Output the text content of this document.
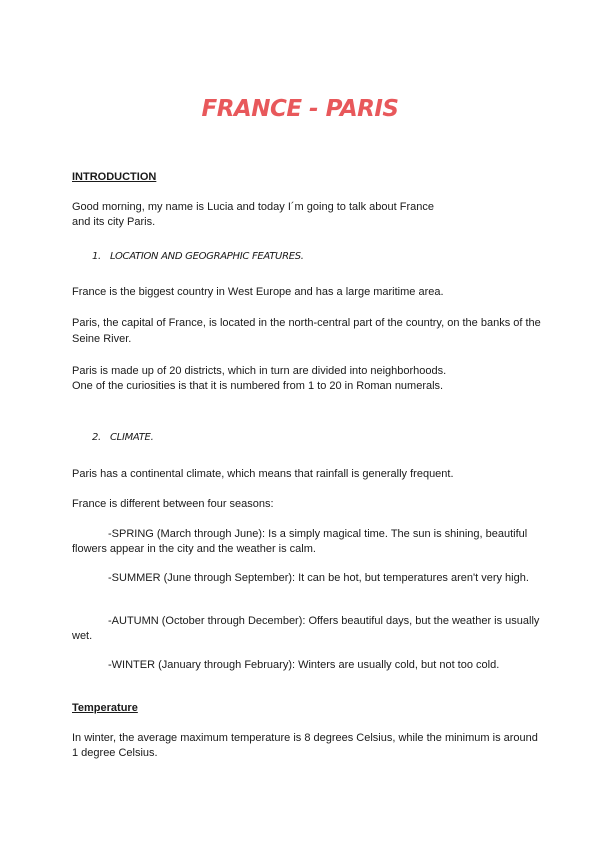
FRANCE - PARIS
INTRODUCTION
Good morning, my name is Lucia and today I´m going to talk about France
and its city Paris.
1. LOCATION AND GEOGRAPHIC FEATURES.

France is the biggest country in West Europe and has a large maritime area.

Paris, the capital of France, is located in the north-central part of the country, on the banks of the Seine River.

Paris is made up of 20 districts, which in turn are divided into neighborhoods.
One of the curiosities is that it is numbered from 1 to 20 in Roman numerals.
2. CLIMATE.

Paris has a continental climate, which means that rainfall is generally frequent.

France is different between four seasons:

-SPRING (March through June): Is a simply magical time. The sun is shining, beautiful flowers appear in the city and the weather is calm.

-SUMMER (June through September): It can be hot, but temperatures aren't very high.

-AUTUMN (October through December): Offers beautiful days, but the weather is usually wet.

-WINTER (January through February): Winters are usually cold, but not too cold.

Temperature

In winter, the average maximum temperature is 8 degrees Celsius, while the minimum is around 1 degree Celsius.
